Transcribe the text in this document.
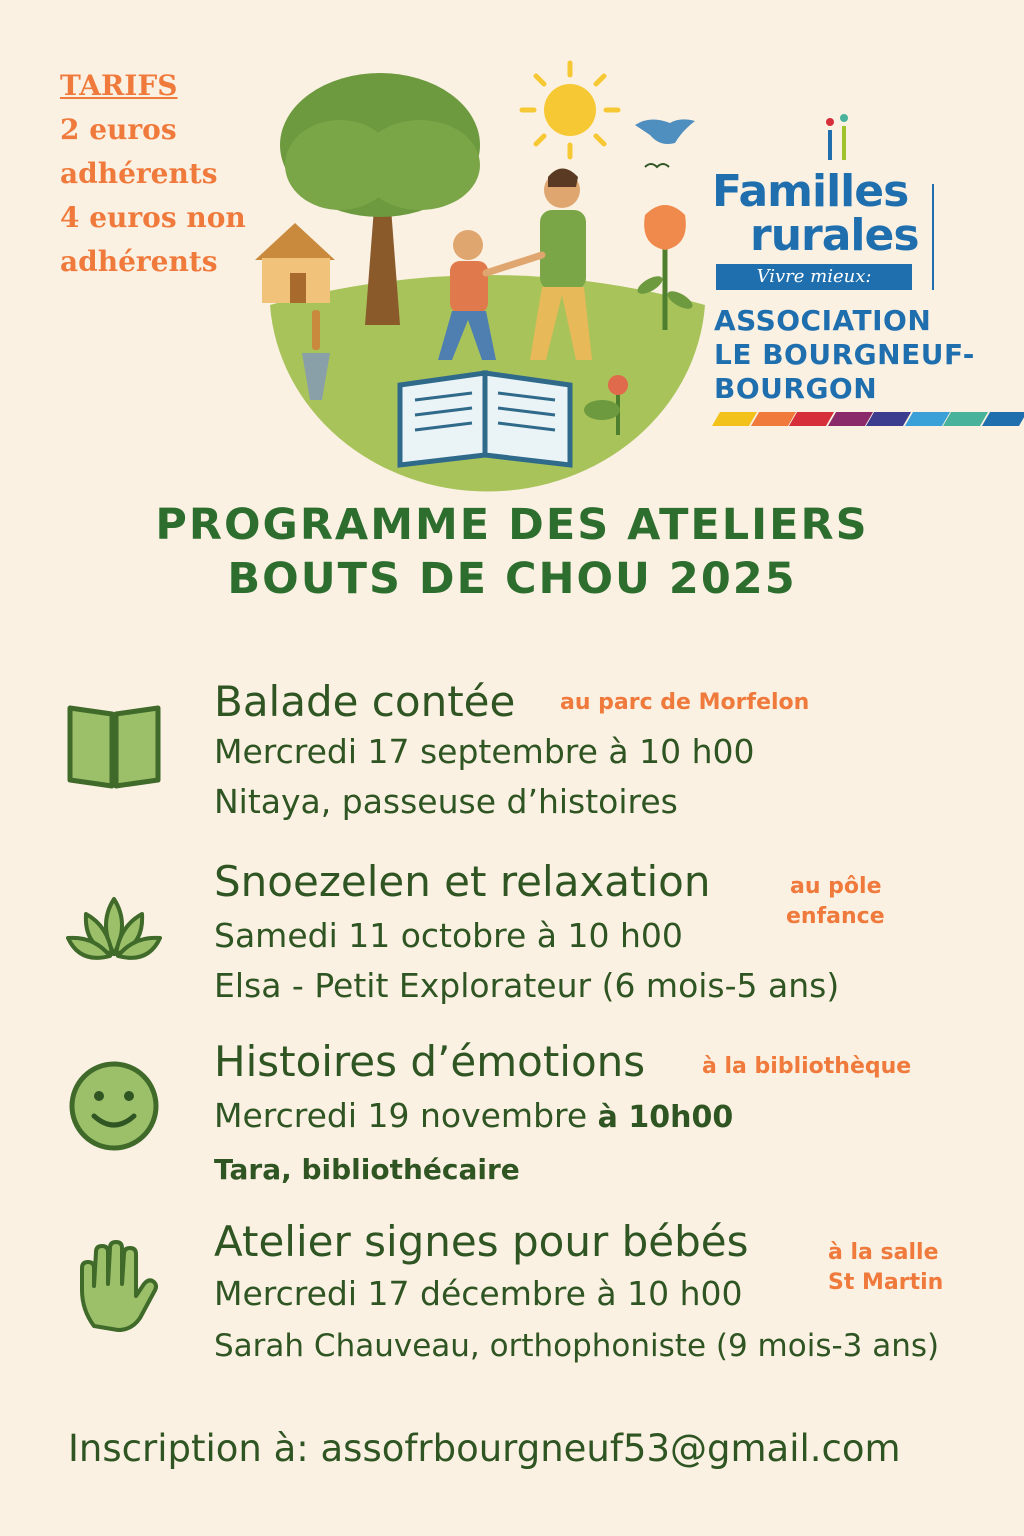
TARIFS
2 euros
adhérents
4 euros non
adhérents
Familles
rurales
Vivre mieux:
ASSOCIATION
LE BOURGNEUF-
BOURGON
PROGRAMME DES ATELIERS
BOUTS DE CHOU 2025
Balade contée au parc de Morfelon
Mercredi 17 septembre à 10 h00
Nitaya, passeuse d’histoires
Snoezelen et relaxation	au pôle
enfance
Samedi 11 octobre à 10 h00
Elsa - Petit Explorateur (6 mois-5 ans)
Histoires d’émotions	à la bibliothèque
Mercredi 19 novembre à 10h00
Tara, bibliothécaire
Atelier signes pour bébés	à la salle
St Martin
Mercredi 17 décembre à 10 h00
Sarah Chauveau, orthophoniste (9 mois-3 ans)
Inscription à: assofrbourgneuf53@gmail.com
